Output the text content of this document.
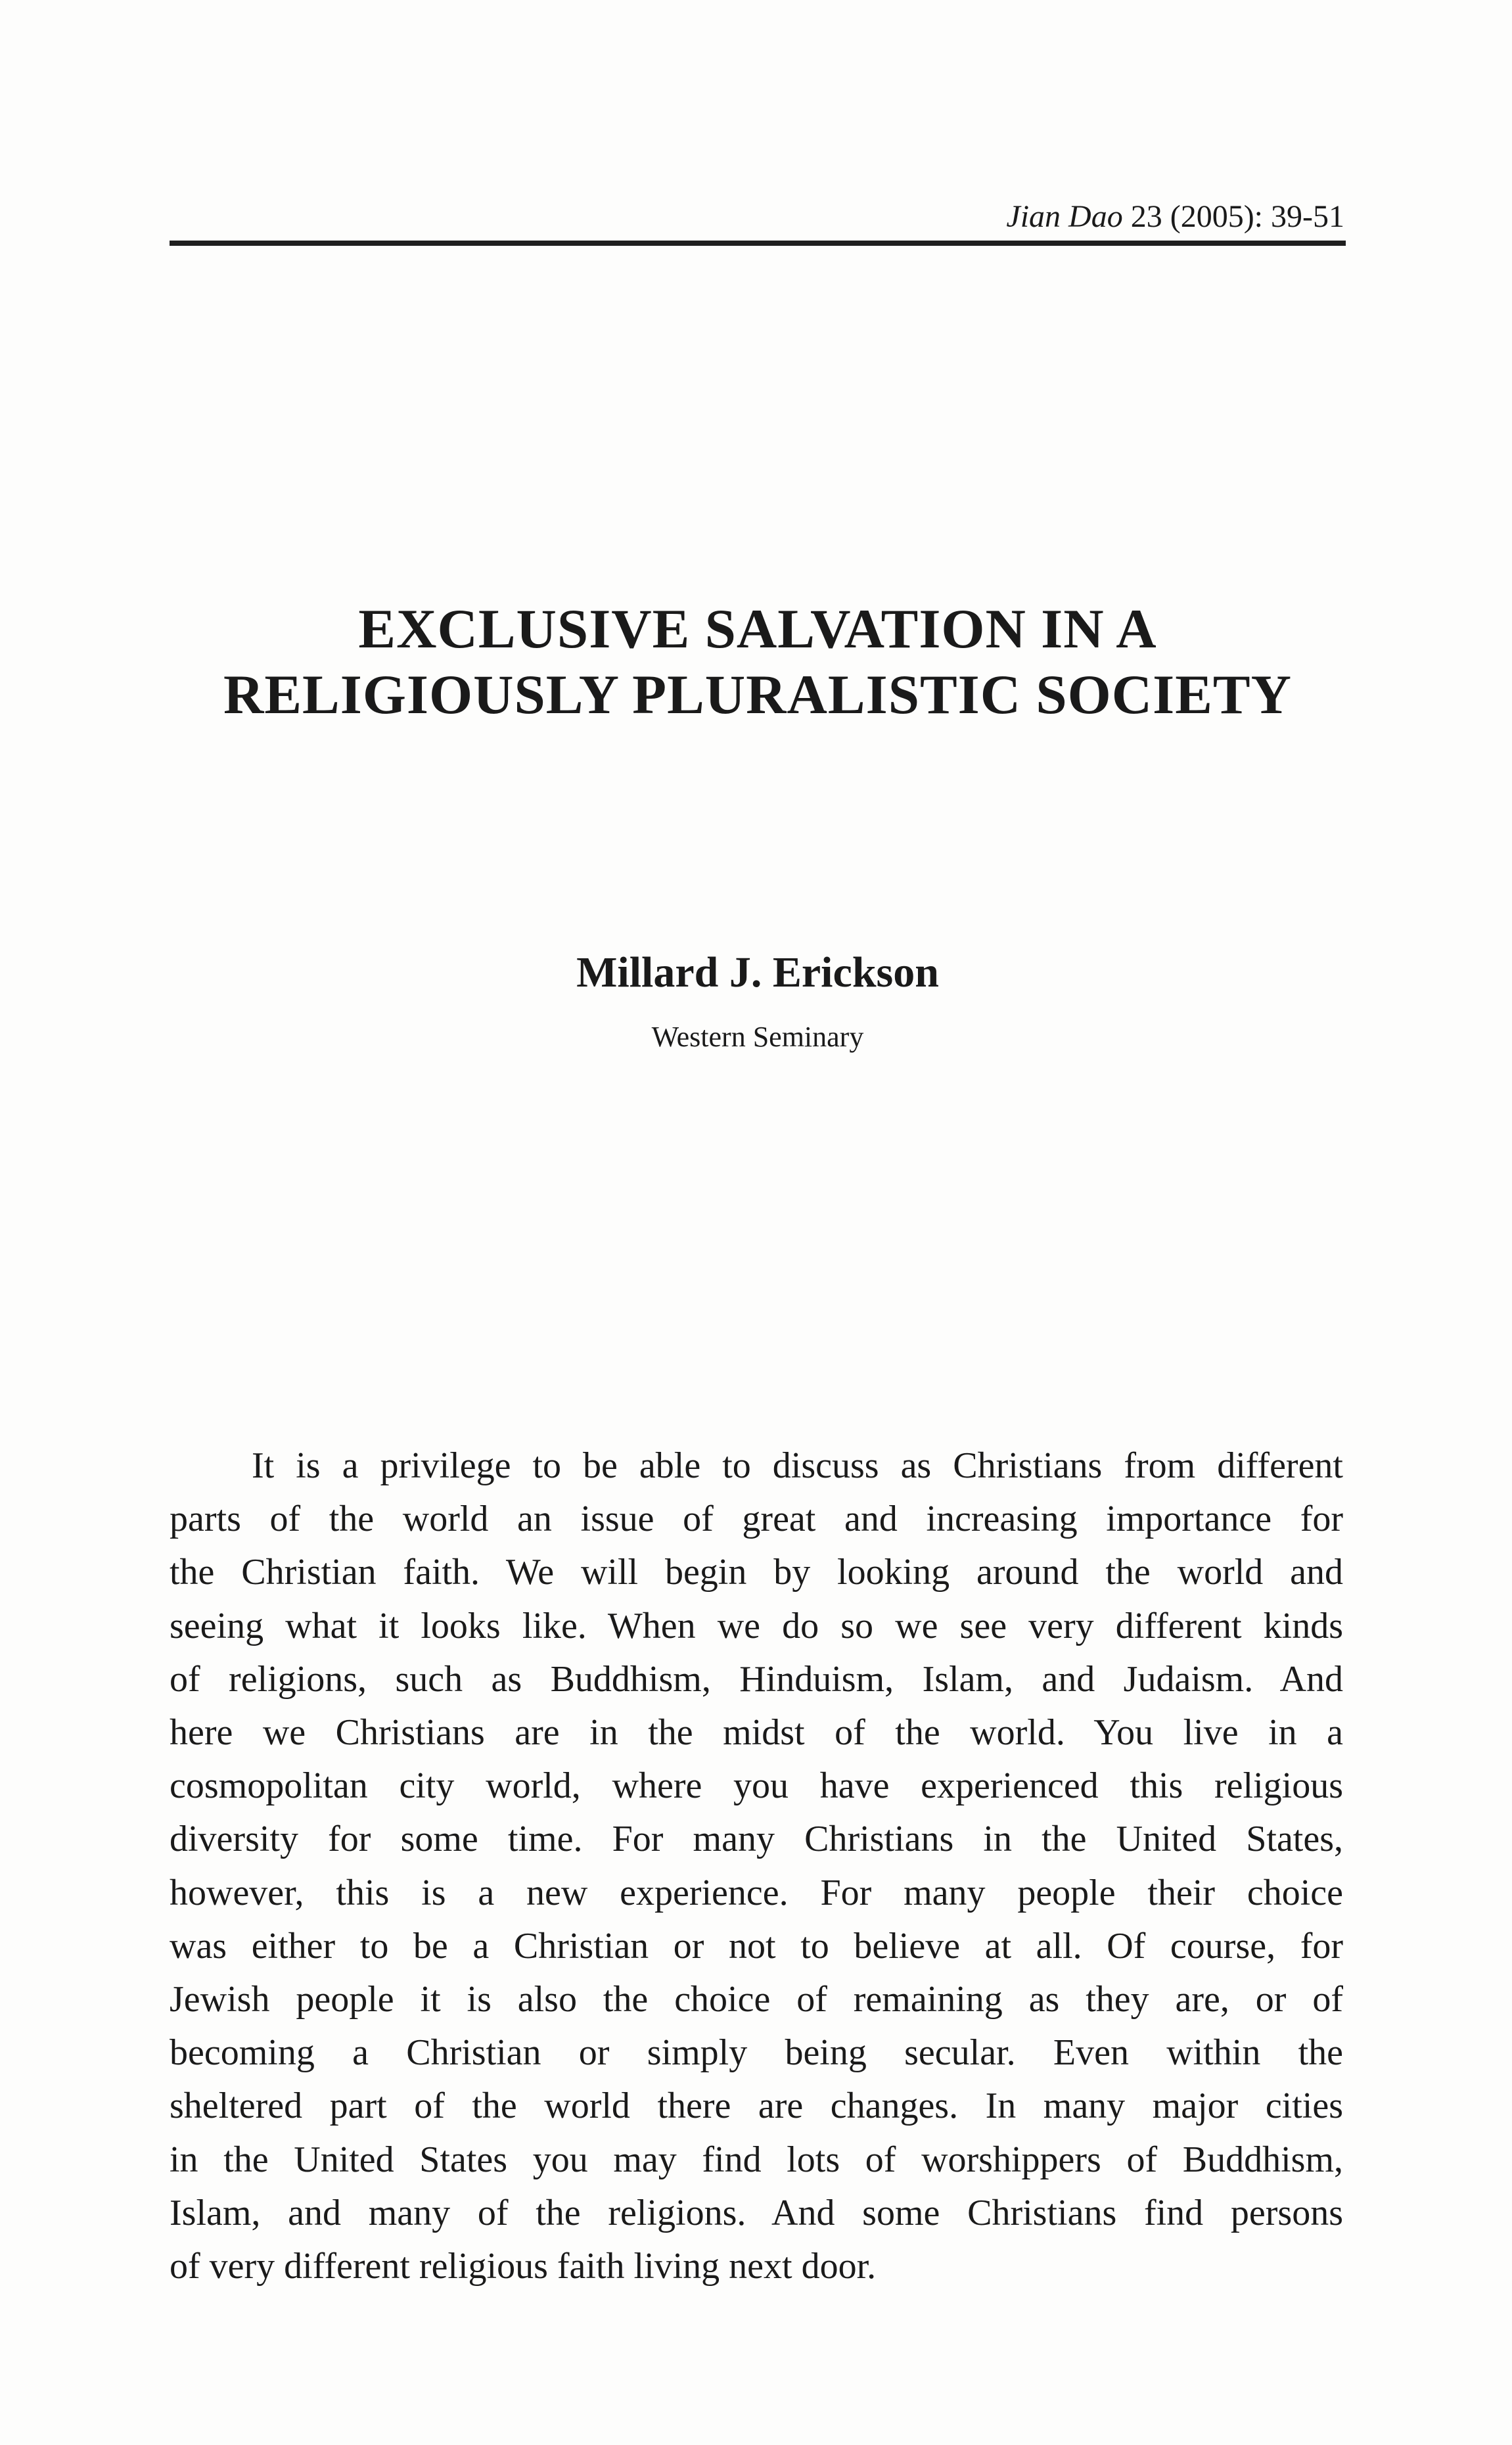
Jian Dao 23 (2005): 39-51
EXCLUSIVE SALVATION IN A
RELIGIOUSLY PLURALISTIC SOCIETY
Millard J. Erickson
Western Seminary
It is a privilege to be able to discuss as Christians from different
parts of the world an issue of great and increasing importance for
the Christian faith. We will begin by looking around the world and
seeing what it looks like. When we do so we see very different kinds
of religions, such as Buddhism, Hinduism, Islam, and Judaism. And
here we Christians are in the midst of the world. You live in a
cosmopolitan city world, where you have experienced this religious
diversity for some time. For many Christians in the United States,
however, this is a new experience. For many people their choice
was either to be a Christian or not to believe at all. Of course, for
Jewish people it is also the choice of remaining as they are, or of
becoming a Christian or simply being secular. Even within the
sheltered part of the world there are changes. In many major cities
in the United States you may find lots of worshippers of Buddhism,
Islam, and many of the religions. And some Christians find persons
of very different religious faith living next door.
